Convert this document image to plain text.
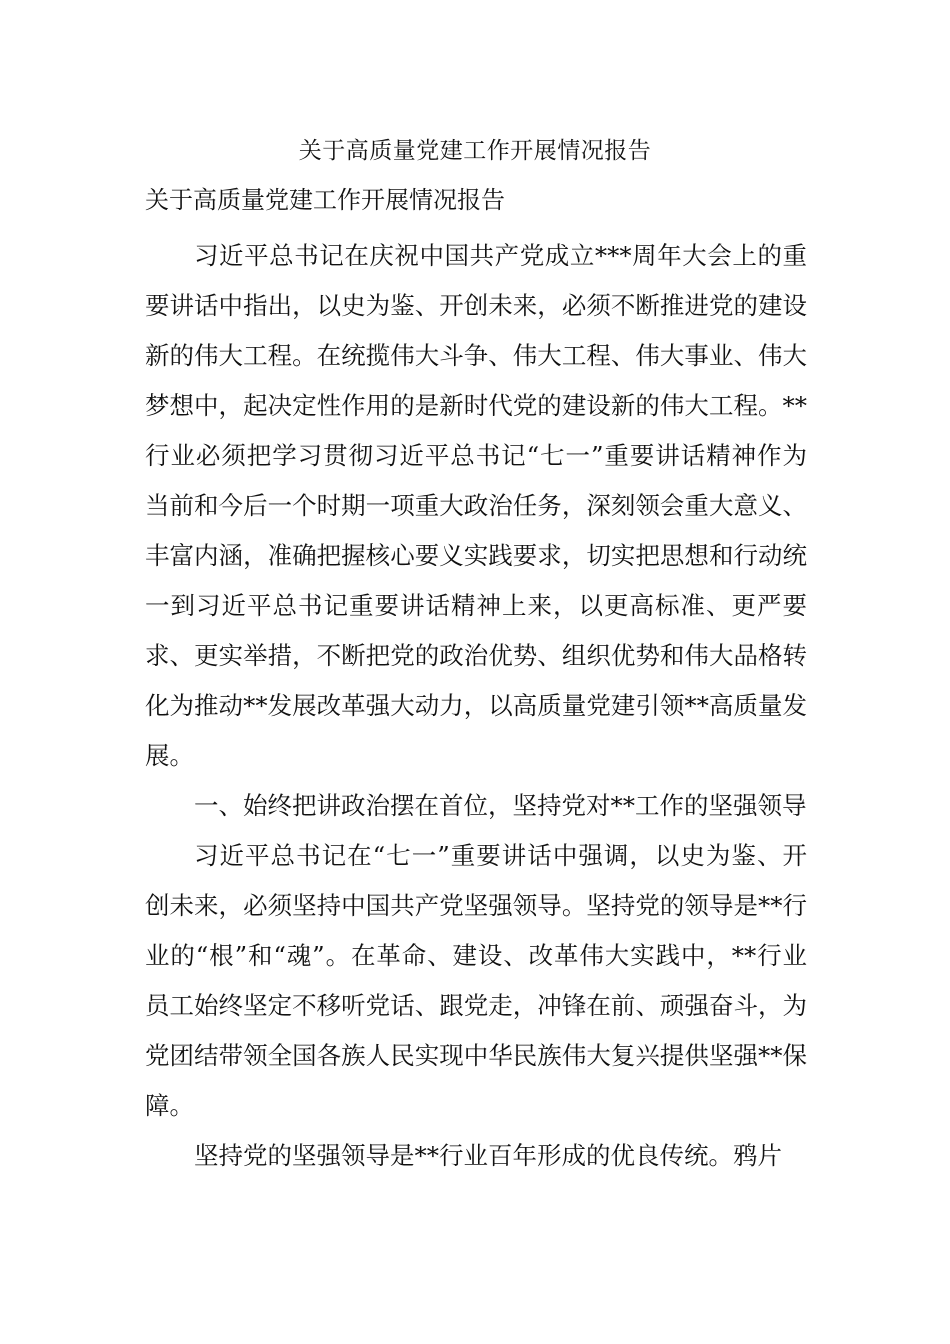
关于高质量党建工作开展情况报告
关于高质量党建工作开展情况报告

习近平总书记在庆祝中国共产党成立***周年大会上的重要讲话中指出，以史为鉴、开创未来，必须不断推进党的建设新的伟大工程。在统揽伟大斗争、伟大工程、伟大事业、伟大梦想中，起决定性作用的是新时代党的建设新的伟大工程。**行业必须把学习贯彻习近平总书记“七一”重要讲话精神作为当前和今后一个时期一项重大政治任务，深刻领会重大意义、丰富内涵，准确把握核心要义实践要求，切实把思想和行动统一到习近平总书记重要讲话精神上来，以更高标准、更严要求、更实举措，不断把党的政治优势、组织优势和伟大品格转化为推动**发展改革强大动力，以高质量党建引领**高质量发展。

一、始终把讲政治摆在首位，坚持党对**工作的坚强领导

习近平总书记在“七一”重要讲话中强调，以史为鉴、开创未来，必须坚持中国共产党坚强领导。坚持党的领导是**行业的“根”和“魂”。在革命、建设、改革伟大实践中，**行业员工始终坚定不移听党话、跟党走，冲锋在前、顽强奋斗，为党团结带领全国各族人民实现中华民族伟大复兴提供坚强**保障。

坚持党的坚强领导是**行业百年形成的优良传统。鸦片
